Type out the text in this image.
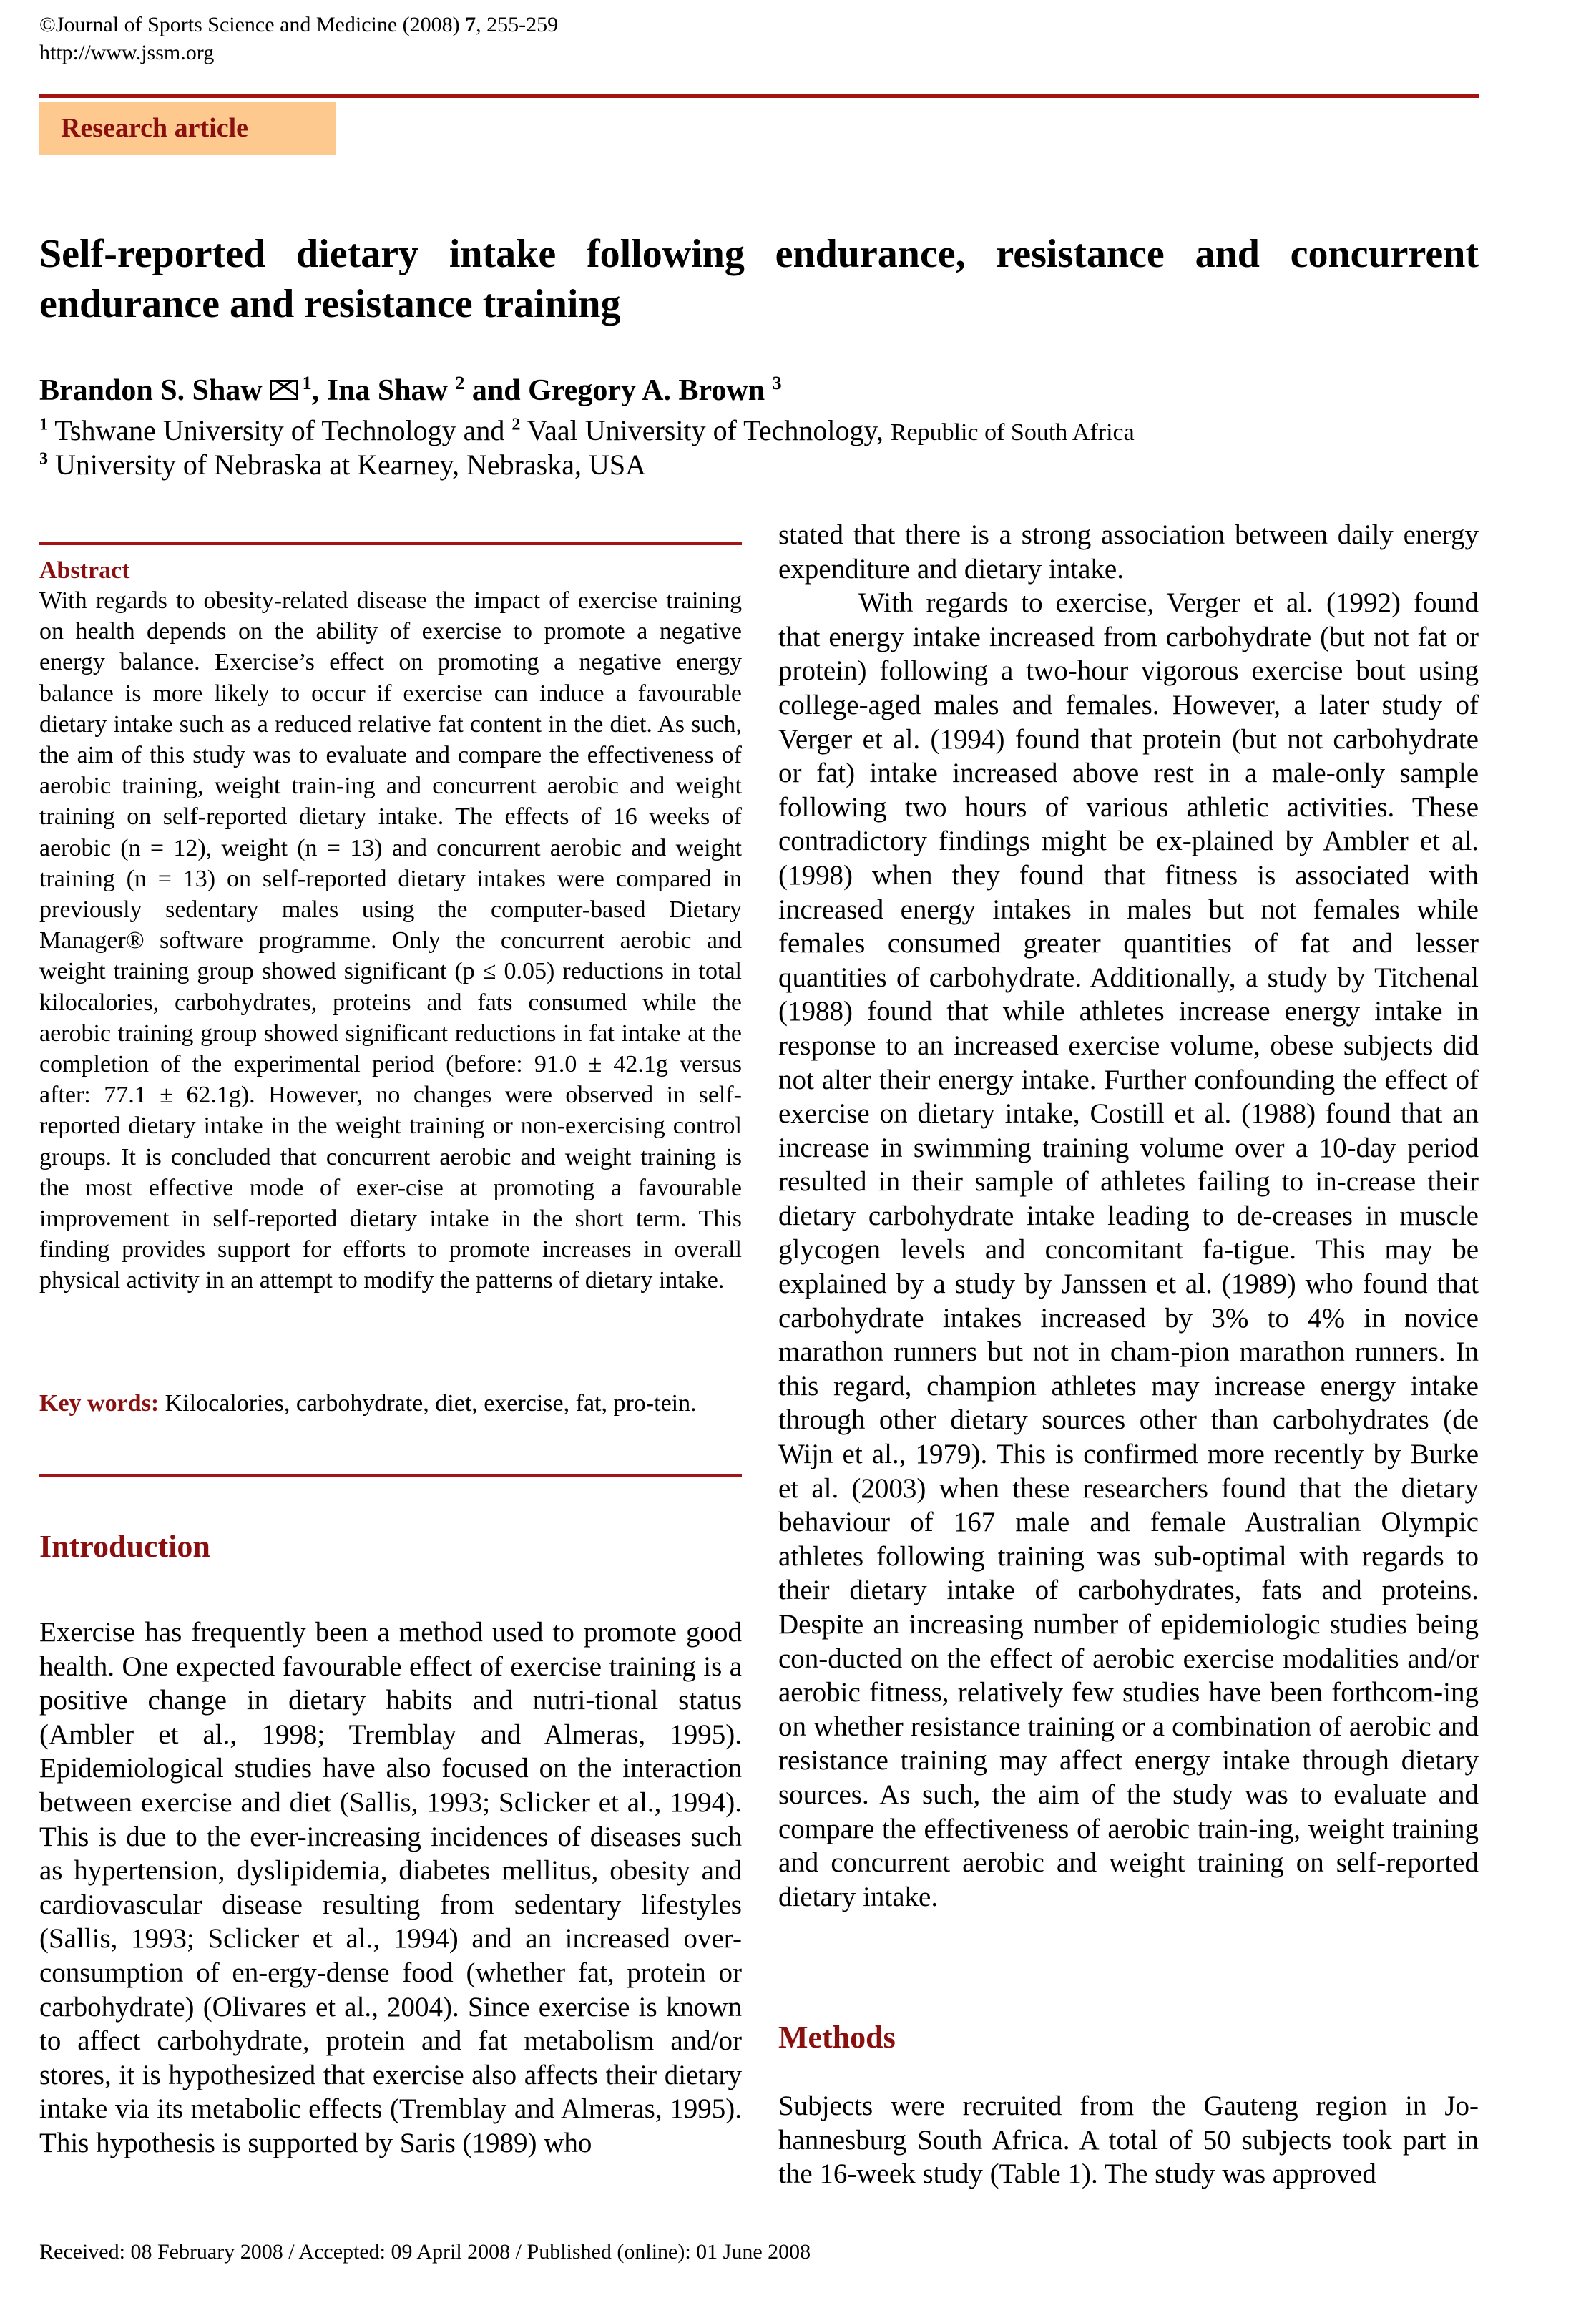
©Journal of Sports Science and Medicine (2008) 7, 255-259
http://www.jssm.org
Research article
Self-reported dietary intake following endurance, resistance and concurrent endurance and resistance training
Brandon S. Shaw $^1$, Ina Shaw $^2$ and Gregory A. Brown $^3$
$^1$ Tshwane University of Technology and $^2$ Vaal University of Technology, Republic of South Africa
$^3$ University of Nebraska at Kearney, Nebraska, USA
Abstract

With regards to obesity-related disease the impact of exercise training on health depends on the ability of exercise to promote a negative energy balance. Exercise’s effect on promoting a negative energy balance is more likely to occur if exercise can induce a favourable dietary intake such as a reduced relative fat content in the diet. As such, the aim of this study was to evaluate and compare the effectiveness of aerobic training, weight train-ing and concurrent aerobic and weight training on self-reported dietary intake. The effects of 16 weeks of aerobic (n = 12), weight (n = 13) and concurrent aerobic and weight training (n = 13) on self-reported dietary intakes were compared in previously sedentary males using the computer-based Dietary Manager® software programme. Only the concurrent aerobic and weight training group showed significant (p ≤ 0.05) reductions in total kilocalories, carbohydrates, proteins and fats consumed while the aerobic training group showed significant reductions in fat intake at the completion of the experimental period (before: 91.0 ± 42.1g versus after: 77.1 ± 62.1g). However, no changes were observed in self-reported dietary intake in the weight training or non-exercising control groups. It is concluded that concurrent aerobic and weight training is the most effective mode of exer-cise at promoting a favourable improvement in self-reported dietary intake in the short term. This finding provides support for efforts to promote increases in overall physical activity in an attempt to modify the patterns of dietary intake.

Key words: Kilocalories, carbohydrate, diet, exercise, fat, pro-tein.

Introduction

Exercise has frequently been a method used to promote good health. One expected favourable effect of exercise training is a positive change in dietary habits and nutri-tional status (Ambler et al., 1998; Tremblay and Almeras, 1995). Epidemiological studies have also focused on the interaction between exercise and diet (Sallis, 1993; Sclicker et al., 1994). This is due to the ever-increasing incidences of diseases such as hypertension, dyslipidemia, diabetes mellitus, obesity and cardiovascular disease resulting from sedentary lifestyles (Sallis, 1993; Sclicker et al., 1994) and an increased over-consumption of en-ergy-dense food (whether fat, protein or carbohydrate) (Olivares et al., 2004). Since exercise is known to affect carbohydrate, protein and fat metabolism and/or stores, it is hypothesized that exercise also affects their dietary intake via its metabolic effects (Tremblay and Almeras, 1995). This hypothesis is supported by Saris (1989) who

stated that there is a strong association between daily energy expenditure and dietary intake.

With regards to exercise, Verger et al. (1992) found that energy intake increased from carbohydrate (but not fat or protein) following a two-hour vigorous exercise bout using college-aged males and females. However, a later study of Verger et al. (1994) found that protein (but not carbohydrate or fat) intake increased above rest in a male-only sample following two hours of various athletic activities. These contradictory findings might be ex-plained by Ambler et al. (1998) when they found that fitness is associated with increased energy intakes in males but not females while females consumed greater quantities of fat and lesser quantities of carbohydrate. Additionally, a study by Titchenal (1988) found that while athletes increase energy intake in response to an increased exercise volume, obese subjects did not alter their energy intake. Further confounding the effect of exercise on dietary intake, Costill et al. (1988) found that an increase in swimming training volume over a 10-day period resulted in their sample of athletes failing to in-crease their dietary carbohydrate intake leading to de-creases in muscle glycogen levels and concomitant fa-tigue. This may be explained by a study by Janssen et al. (1989) who found that carbohydrate intakes increased by 3% to 4% in novice marathon runners but not in cham-pion marathon runners. In this regard, champion athletes may increase energy intake through other dietary sources other than carbohydrates (de Wijn et al., 1979). This is confirmed more recently by Burke et al. (2003) when these researchers found that the dietary behaviour of 167 male and female Australian Olympic athletes following training was sub-optimal with regards to their dietary intake of carbohydrates, fats and proteins. Despite an increasing number of epidemiologic studies being con-ducted on the effect of aerobic exercise modalities and/or aerobic fitness, relatively few studies have been forthcom-ing on whether resistance training or a combination of aerobic and resistance training may affect energy intake through dietary sources. As such, the aim of the study was to evaluate and compare the effectiveness of aerobic train-ing, weight training and concurrent aerobic and weight training on self-reported dietary intake.

Methods

Subjects were recruited from the Gauteng region in Jo-hannesburg South Africa. A total of 50 subjects took part in the 16-week study (Table 1). The study was approved

Received: 08 February 2008 / Accepted: 09 April 2008 / Published (online): 01 June 2008
